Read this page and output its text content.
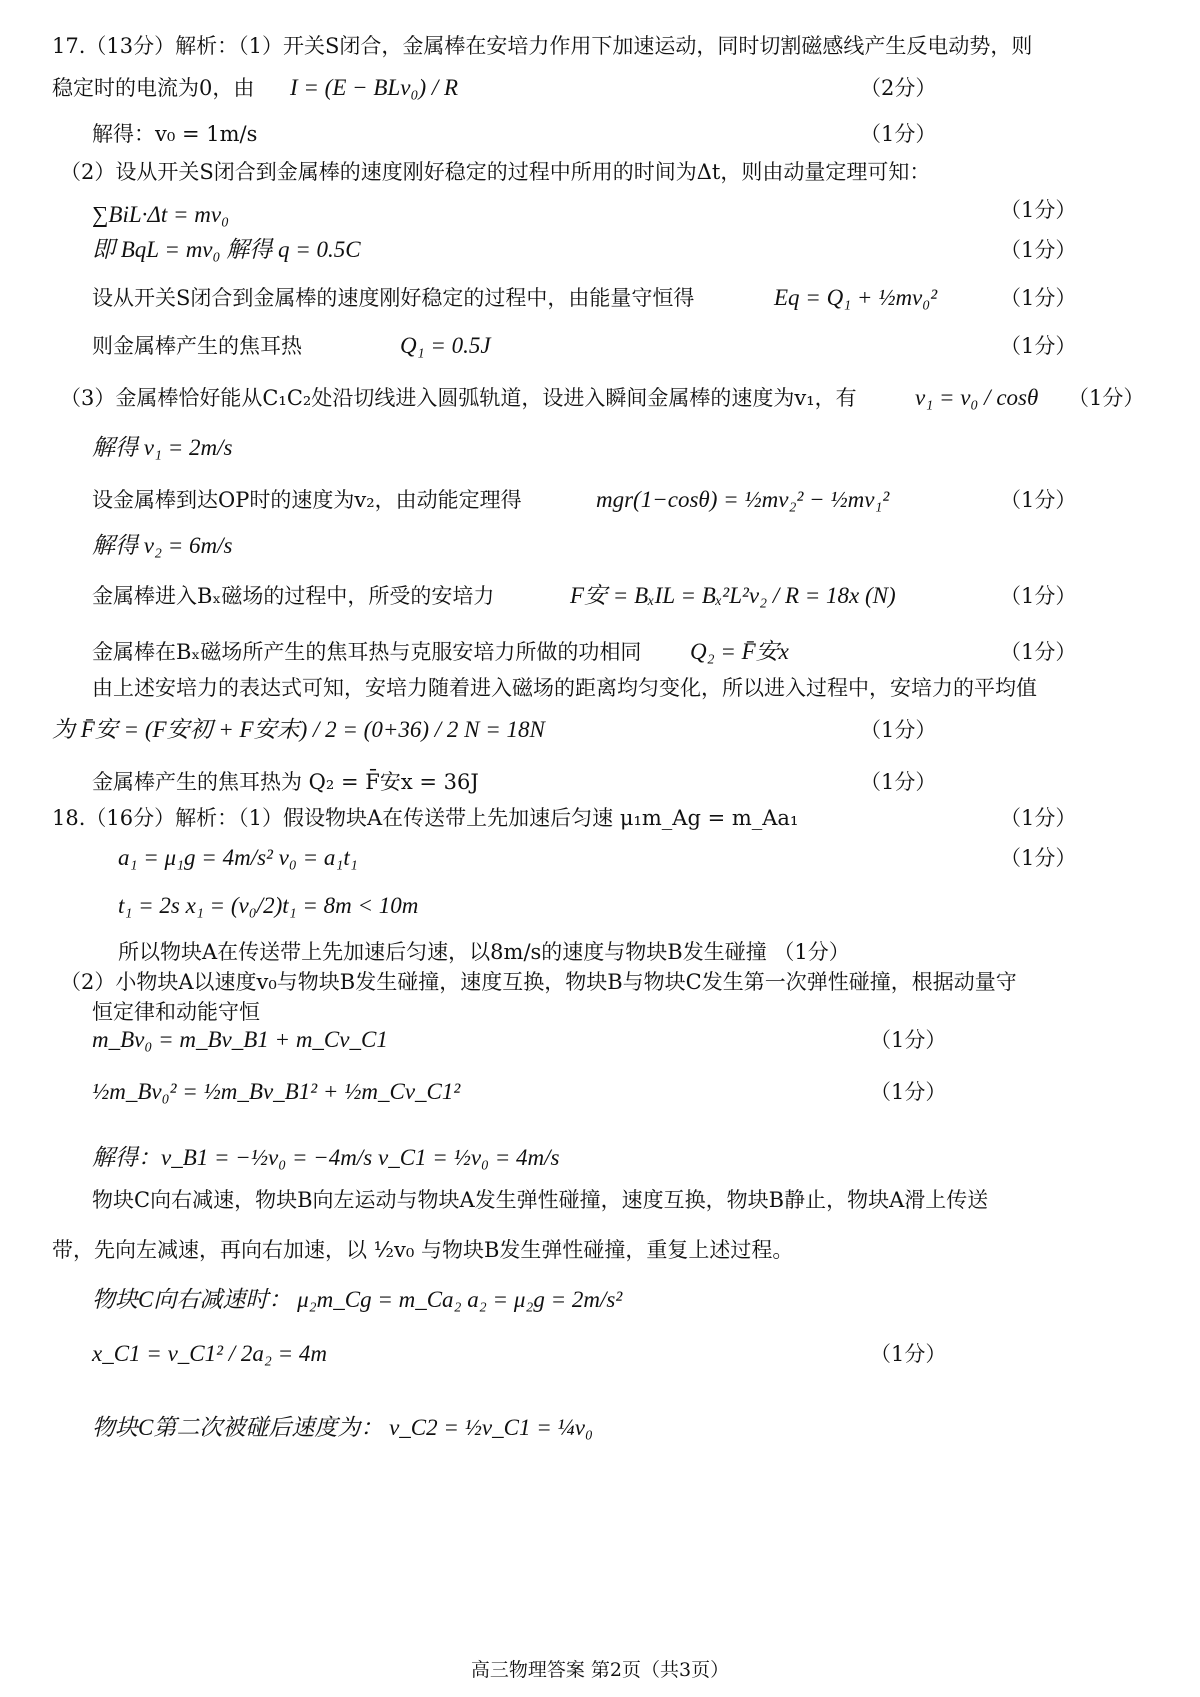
17.（13分）解析：（1）开关S闭合，金属棒在安培力作用下加速运动，同时切割磁感线产生反电动势，则
稳定时的电流为0，由 I = (E − BLv₀) / R	（2分）
解得：v₀ = 1m/s	（1分）
（2）设从开关S闭合到金属棒的速度刚好稳定的过程中所用的时间为Δt，则由动量定理可知：
∑BiL·Δt = mv₀	（1分）
即 BqL = mv₀ 解得 q = 0.5C	（1分）
设从开关S闭合到金属棒的速度刚好稳定的过程中，由能量守恒得	Eq = Q₁ + ½mv₀²	（1分）
则金属棒产生的焦耳热	Q₁ = 0.5J	（1分）
（3）金属棒恰好能从C₁C₂处沿切线进入圆弧轨道，设进入瞬间金属棒的速度为v₁，有	v₁ = v₀ / cosθ （1分）
解得 v₁ = 2m/s
设金属棒到达OP时的速度为v₂，由动能定理得	mgr(1−cosθ) = ½mv₂² − ½mv₁²	（1分）
解得 v₂ = 6m/s
金属棒进入Bₓ磁场的过程中，所受的安培力	F安 = BₓIL = Bₓ²L²v₂ / R = 18x (N)	（1分）
金属棒在Bₓ磁场所产生的焦耳热与克服安培力所做的功相同 Q₂ = F̄安x	（1分）
由上述安培力的表达式可知，安培力随着进入磁场的距离均匀变化，所以进入过程中，安培力的平均值
为 F̄安 = (F安初 + F安末) / 2 = (0+36) / 2 N = 18N	（1分）
金属棒产生的焦耳热为 Q₂ = F̄安x = 36J	（1分）
18.（16分）解析：（1）假设物块A在传送带上先加速后匀速 μ₁m_Ag = m_Aa₁	（1分）
a₁ = μ₁g = 4m/s² v₀ = a₁t₁	（1分）
t₁ = 2s x₁ = (v₀/2)t₁ = 8m < 10m
所以物块A在传送带上先加速后匀速，以8m/s的速度与物块B发生碰撞 （1分）
（2）小物块A以速度v₀与物块B发生碰撞，速度互换，物块B与物块C发生第一次弹性碰撞，根据动量守
恒定律和动能守恒
m_Bv₀ = m_Bv_B1 + m_Cv_C1	（1分）
½m_Bv₀² = ½m_Bv_B1² + ½m_Cv_C1²	（1分）
解得：v_B1 = −½v₀ = −4m/s v_C1 = ½v₀ = 4m/s
物块C向右减速，物块B向左运动与物块A发生弹性碰撞，速度互换，物块B静止，物块A滑上传送
带，先向左减速，再向右加速，以 ½v₀ 与物块B发生弹性碰撞，重复上述过程。
物块C向右减速时： μ₂m_Cg = m_Ca₂ a₂ = μ₂g = 2m/s²
x_C1 = v_C1² / 2a₂ = 4m	（1分）
物块C第二次被碰后速度为： v_C2 = ½v_C1 = ¼v₀
高三物理答案 第2页（共3页）
